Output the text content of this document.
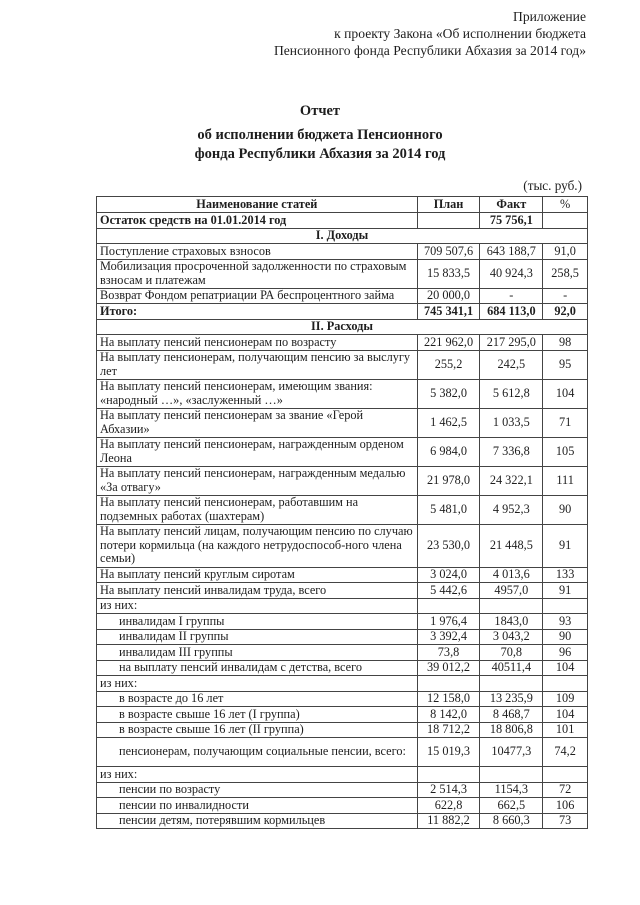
Приложение
к проекту Закона «Об исполнении бюджета
Пенсионного фонда Республики Абхазия за 2014 год»
Отчет
об исполнении бюджета Пенсионного
фонда Республики Абхазия за 2014 год
(тыс. руб.)
Наименование статей	План	Факт	%
Остаток средств на 01.01.2014 год		75 756,1	
I. Доходы			
Поступление страховых взносов	709 507,6	643 188,7	91,0
Мобилизация просроченной задолженности по страховым взносам и платежам	15 833,5	40 924,3	258,5
Возврат Фондом репатриации РА беспроцентного займа	20 000,0	-	-
Итого:	745 341,1	684 113,0	92,0
II. Расходы			
На выплату пенсий пенсионерам по возрасту	221 962,0	217 295,0	98
На выплату пенсионерам, получающим пенсию за выслугу лет	255,2	242,5	95
На выплату пенсий пенсионерам, имеющим звания: «народный …», «заслуженный …»	5 382,0	5 612,8	104
На выплату пенсий пенсионерам за звание «Герой Абхазии»	1 462,5	1 033,5	71
На выплату пенсий пенсионерам, награжденным орденом Леона	6 984,0	7 336,8	105
На выплату пенсий пенсионерам, награжденным медалью «За отвагу»	21 978,0	24 322,1	111
На выплату пенсий пенсионерам, работавшим на подземных работах (шахтерам)	5 481,0	4 952,3	90
На выплату пенсий лицам, получающим пенсию по случаю потери кормильца (на каждого нетрудоспособ-ного члена семьи)	23 530,0	21 448,5	91
На выплату пенсий круглым сиротам	3 024,0	4 013,6	133
На выплату пенсий инвалидам труда, всего	5 442,6	4957,0	91
из них:			
инвалидам I группы	1 976,4	1843,0	93
инвалидам II группы	3 392,4	3 043,2	90
инвалидам III группы	73,8	70,8	96
на выплату пенсий инвалидам с детства, всего	39 012,2	40511,4	104
из них:			
в возрасте до 16 лет	12 158,0	13 235,9	109
в возрасте свыше 16 лет (I группа)	8 142,0	8 468,7	104
в возрасте свыше 16 лет (II группа)	18 712,2	18 806,8	101
пенсионерам, получающим социальные пенсии, всего:	15 019,3	10477,3	74,2
из них:			
пенсии по возрасту	2 514,3	1154,3	72
пенсии по инвалидности	622,8	662,5	106
пенсии детям, потерявшим кормильцев	11 882,2	8 660,3	73
